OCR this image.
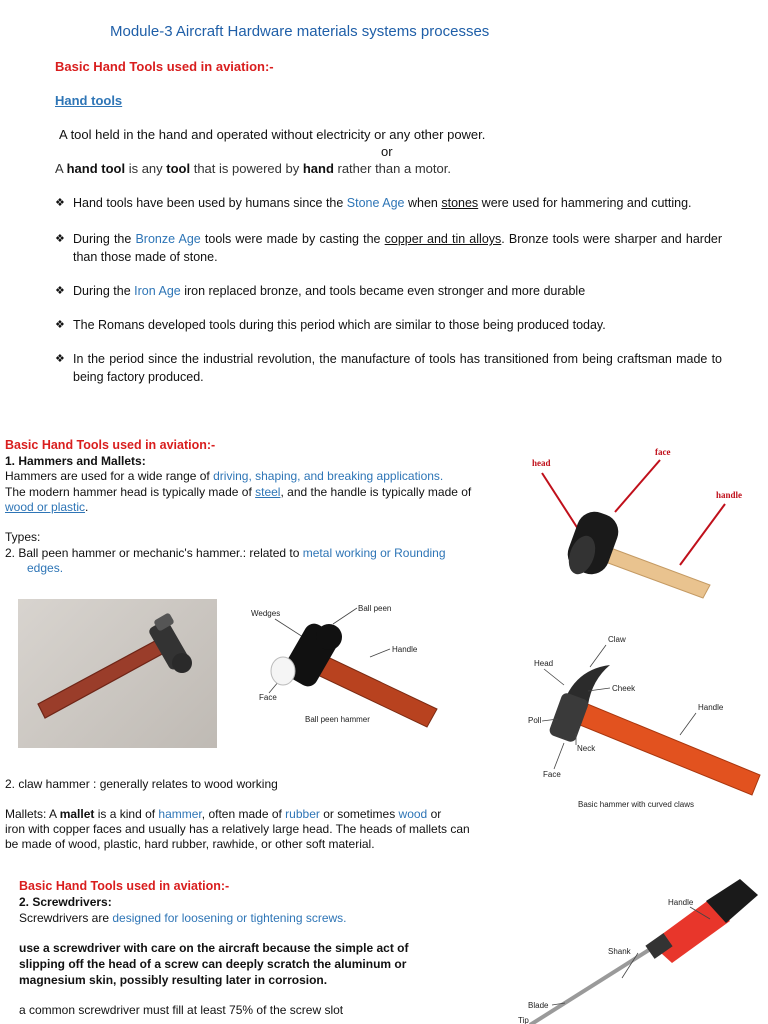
Module-3 Aircraft Hardware materials systems processes
Basic Hand Tools used in aviation:-
Hand tools
A tool held in the hand and operated without electricity or any other power.
or
A hand tool is any tool that is powered by hand rather than a motor.
❖ Hand tools have been used by humans since the Stone Age when stones were used for hammering and cutting.
❖ During the Bronze Age tools were made by casting the copper and tin alloys. Bronze tools were sharper and harder than those made of stone.
❖ During the Iron Age iron replaced bronze, and tools became even stronger and more durable
❖ The Romans developed tools during this period which are similar to those being produced today.
❖ In the period since the industrial revolution, the manufacture of tools has transitioned from being craftsman made to being factory produced.
Basic Hand Tools used in aviation:-
1. Hammers and Mallets:
Hammers are used for a wide range of driving, shaping, and breaking applications.
The modern hammer head is typically made of steel, and the handle is typically made of
wood or plastic.
Types:
2. Ball peen hammer or mechanic's hammer.: related to metal working or Rounding
edges.
2. claw hammer : generally relates to wood working
Mallets: A mallet is a kind of hammer, often made of rubber or sometimes wood or
iron with copper faces and usually has a relatively large head. The heads of mallets can
be made of wood, plastic, hard rubber, rawhide, or other soft material.
Basic Hand Tools used in aviation:-
2. Screwdrivers:
Screwdrivers are designed for loosening or tightening screws.
use a screwdriver with care on the aircraft because the simple act of
slipping off the head of a screw can deeply scratch the aluminum or
magnesium skin, possibly resulting later in corrosion.
a common screwdriver must fill at least 75% of the screw slot
head
face
handle
Wedges
Ball peen
Handle
Face
Ball peen hammer
Claw
Head
Cheek
Handle
Poll
Neck
Face
Basic hammer with curved claws
Handle
Shank
Blade
Tip
